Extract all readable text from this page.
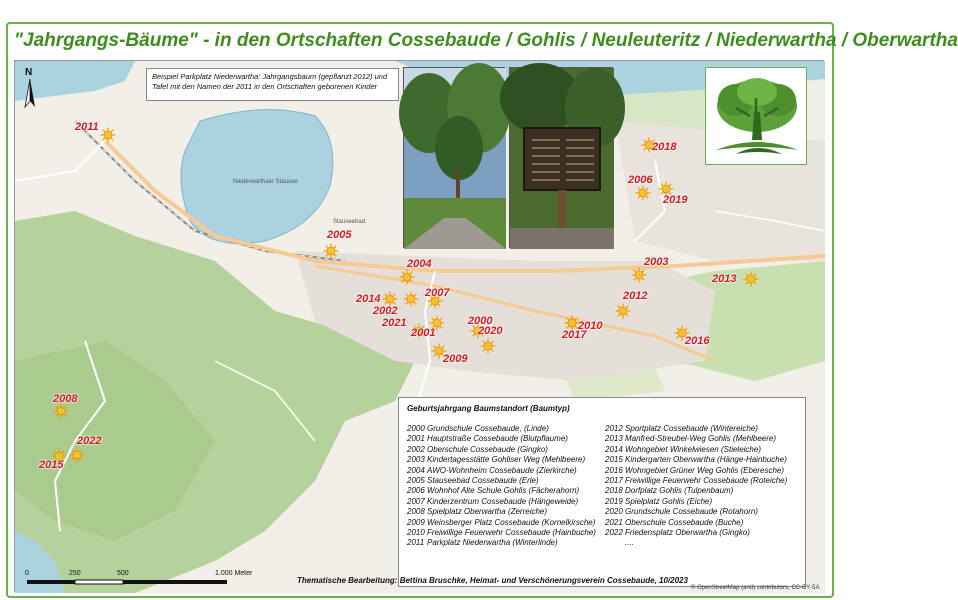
"Jahrgangs-Bäume" - in den Ortschaften Cossebaude / Gohlis / Neuleuteritz / Niederwartha / Oberwartha
Niederwarthaer Stausee
Stauseebad
N	Beispiel Parkplatz Niederwartha: Jahrgangsbaum (gepflanzt 2012) und Tafel mit den Namen der 2011 in den Ortschaften geborenen Kinder
2011
2005
2004
2014
2002
2007
2021
2001
2000
2020
2009
2003
2012
2010
2017
2013
2016
2018
2006
2019
2008
2015
2022
Geburtsjahrgang Baumstandort (Baumtyp)
2000 Grundschule Cossebaude, (Linde)
2001 Hauptstraße Cossebaude (Blutpflaume)
2002 Oberschule Cossebaude (Gingko)
2003 Kindertagesstätte Gohliser Weg (Mehlbeere)
2004 AWO-Wohnheim Cossebaude (Zierkirche)
2005 Stauseebad Cossebaude (Erle)
2006 Wohnhof Alte Schule Gohlis (Fächerahorn)
2007 Kinderzentrum Cossebaude (Hängeweide)
2008 Spielplatz Oberwartha (Zerreiche)
2009 Weinsberger Platz Cossebaude (Kornelkirsche)
2010 Freiwillige Feuerwehr Cossebaude (Hainbuche)
2011 Parkplatz Niederwartha (Winterlinde)
2012 Sportplatz Cossebaude (Wintereiche)
2013 Manfred-Streubel-Weg Gohlis (Mehlbeere)
2014 Wohngebiet Winkelwiesen (Stieleiche)
2015 Kindergarten Oberwartha (Hänge-Hainbuche)
2016 Wohngebiet Grüner Weg Gohlis (Eberesche)
2017 Freiwillige Feuerwehr Cossebaude (Roteiche)
2018 Dorfplatz Gohlis (Tulpenbaum)
2019 Spielplatz Gohlis (Eiche)
2020 Grundschule Cossebaude (Rotahorn)
2021 Oberschule Cossebaude (Buche)
2022 Friedensplatz Oberwartha (Gingko)
....
0	250	500	1.000 Meter
Thematische Bearbeitung: Bettina Bruschke, Heimat- und Verschönerungsverein Cossebaude, 10/2023
© OpenStreetMap (and) contributors, CC-BY-SA
